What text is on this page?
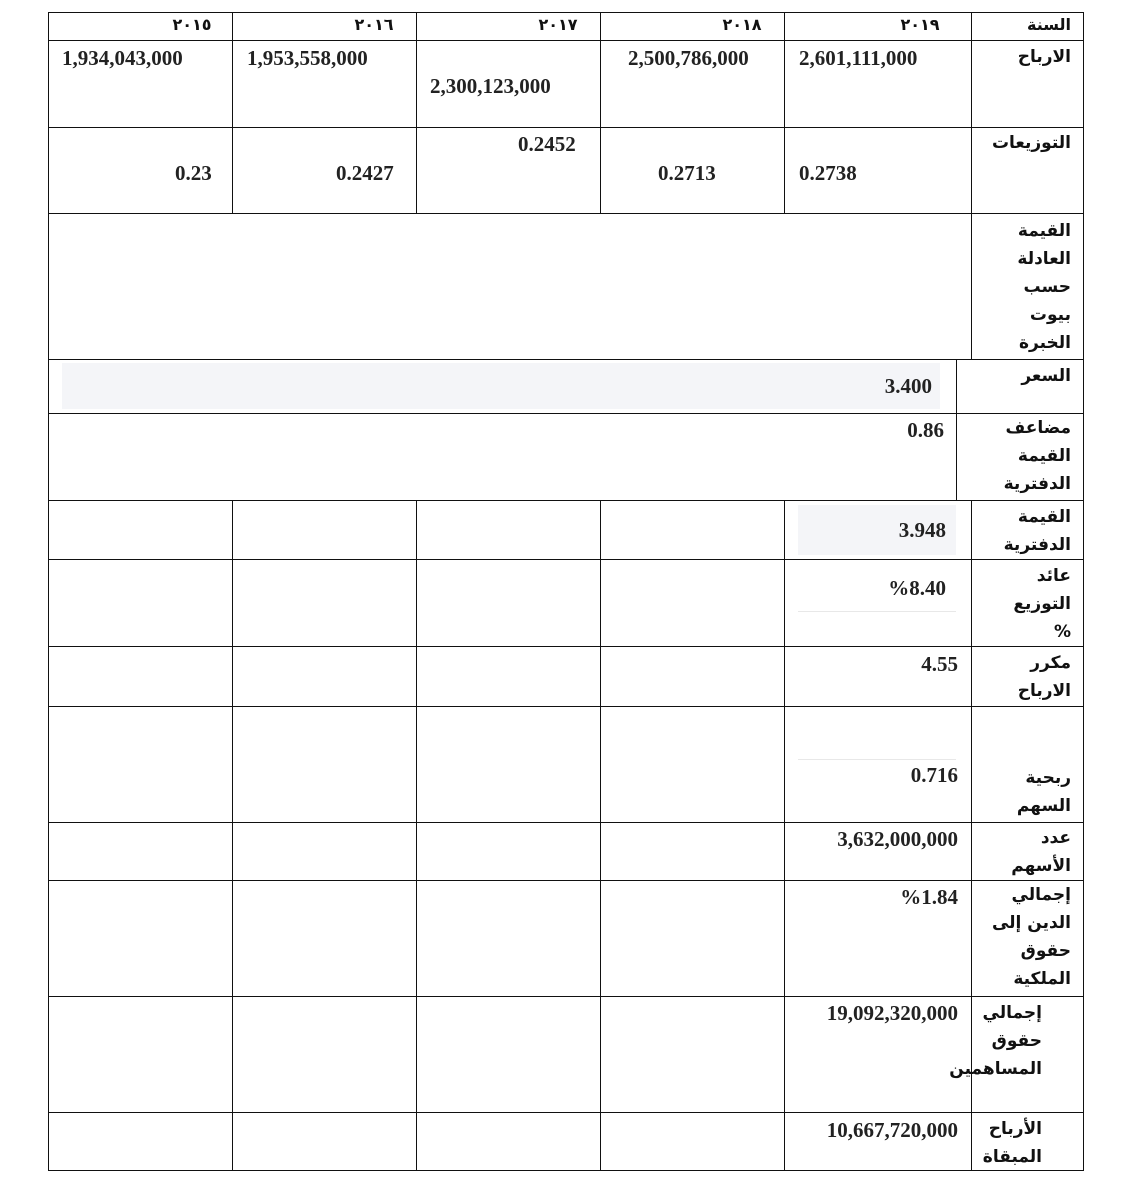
السنة
٢٠١٩
٢٠١٨
٢٠١٧
٢٠١٦
٢٠١٥
الارباح
2,601,111,000
2,500,786,000
2,300,123,000
1,953,558,000
1,934,043,000
التوزيعات
0.2738
0.2713
0.2452
0.2427
0.23
القيمة
العادلة
حسب
بيوت
الخبرة
السعر
3.400
مضاعف
القيمة
الدفترية
0.86
القيمة
الدفترية
3.948
عائد
التوزيع
%
%8.40
مكرر
الارباح
4.55
ربحية
السهم
0.716
عدد
الأسهم
3,632,000,000
إجمالي
الدين إلى
حقوق
الملكية
%1.84
إجمالي
حقوق
المساهمين
19,092,320,000
الأرباح
المبقاة
10,667,720,000
